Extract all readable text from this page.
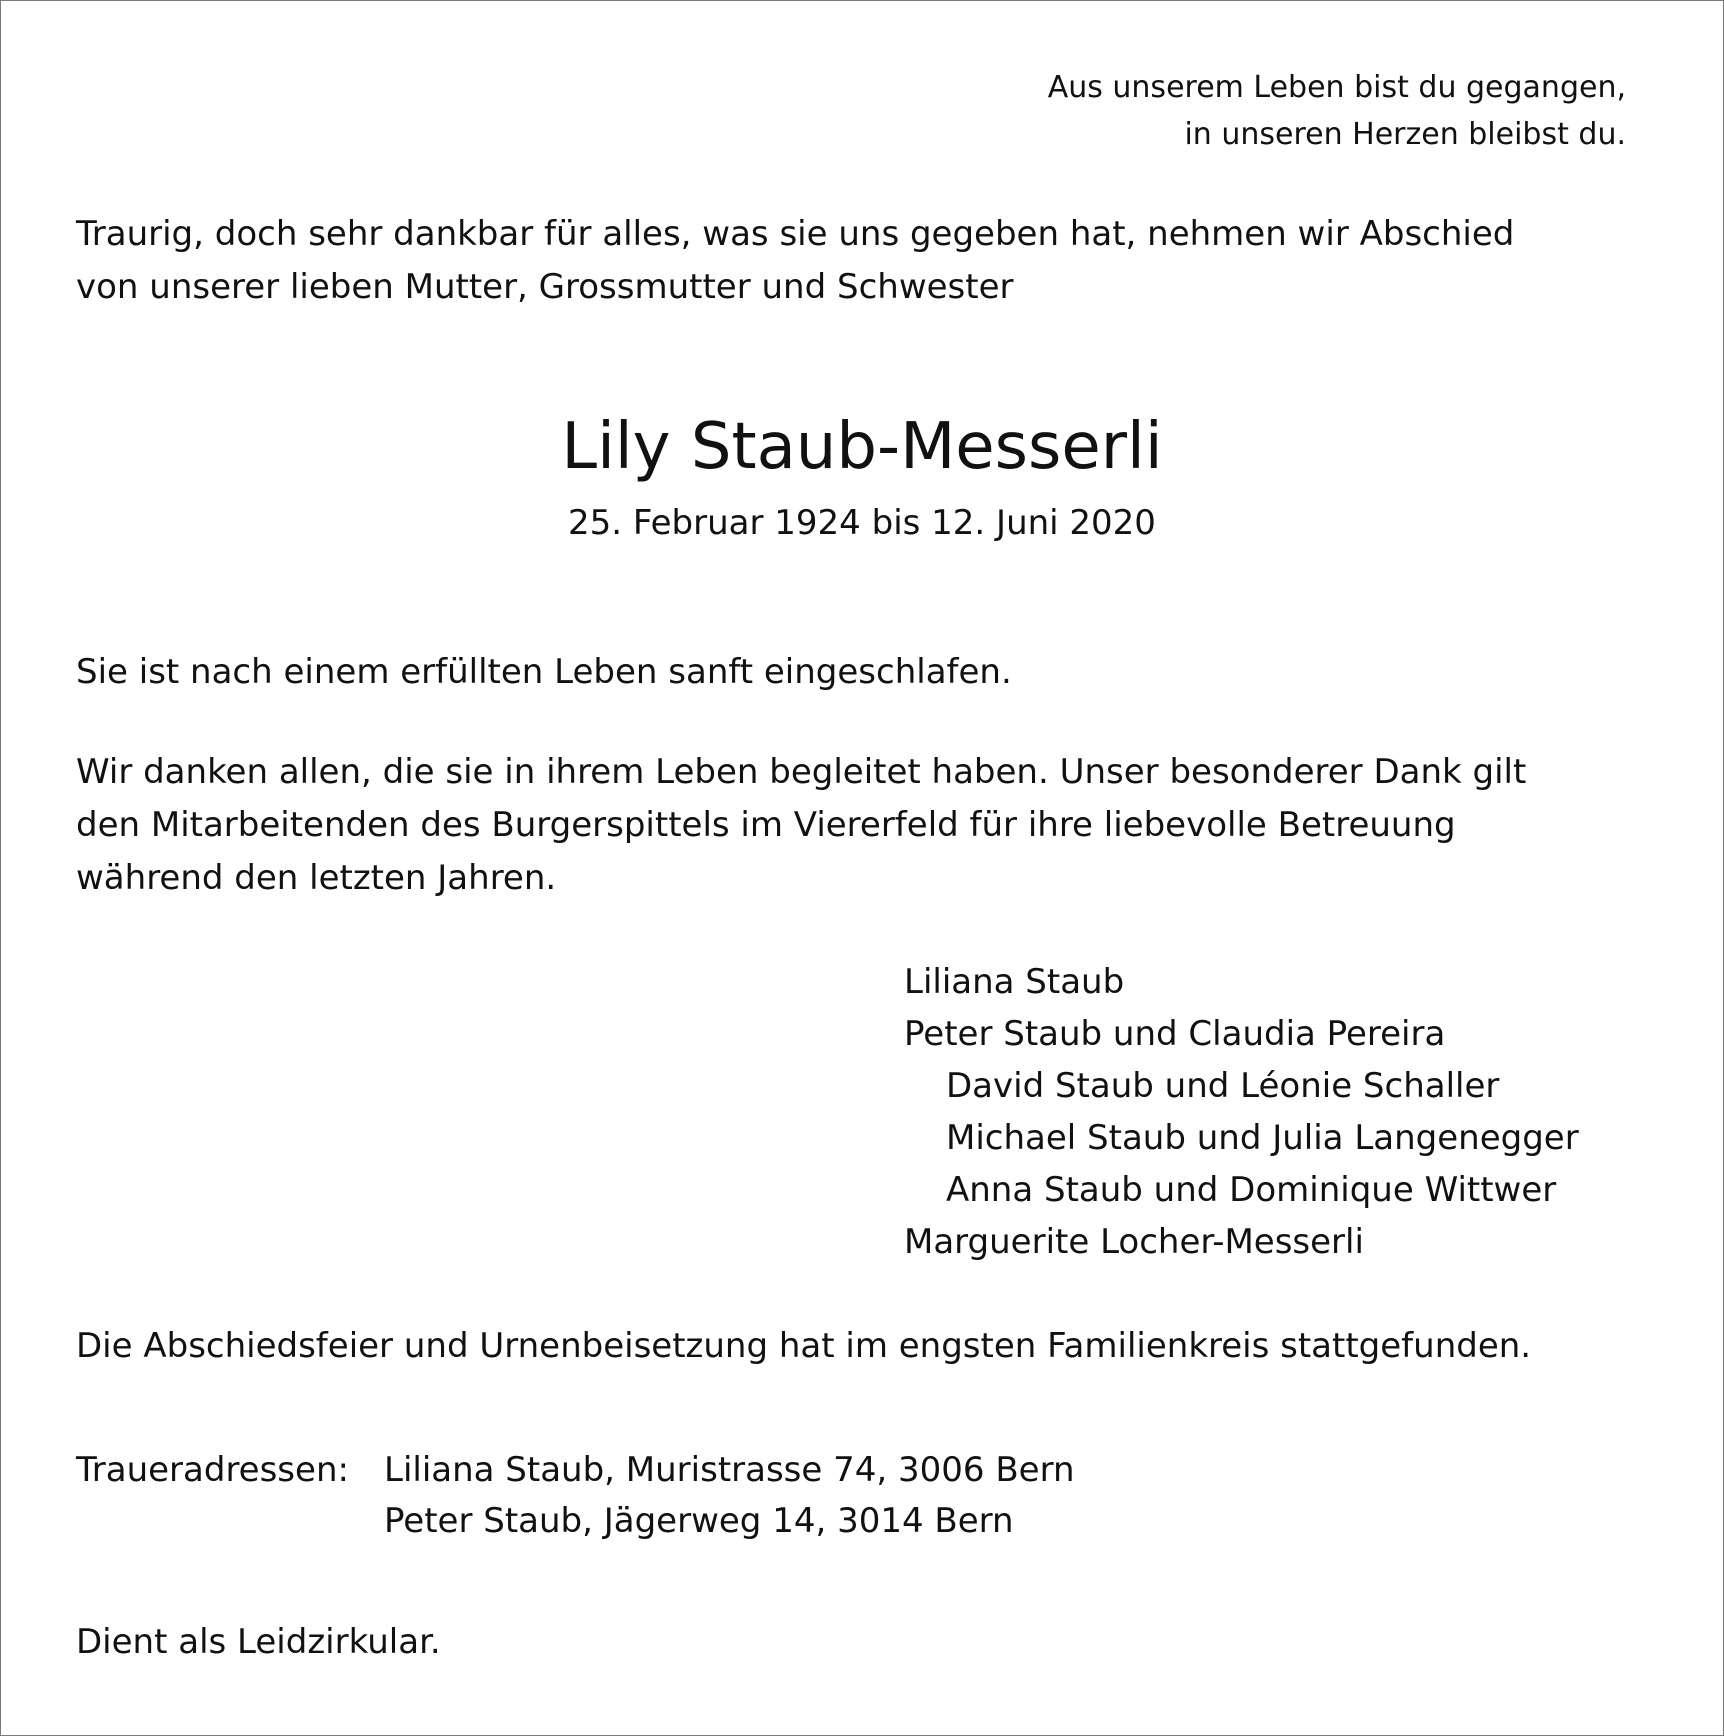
Aus unserem Leben bist du gegangen,
in unseren Herzen bleibst du.
Traurig, doch sehr dankbar für alles, was sie uns gegeben hat, nehmen wir Abschied
von unserer lieben Mutter, Grossmutter und Schwester
Lily Staub-Messerli
25. Februar 1924 bis 12. Juni 2020
Sie ist nach einem erfüllten Leben sanft eingeschlafen.
Wir danken allen, die sie in ihrem Leben begleitet haben. Unser besonderer Dank gilt
den Mitarbeitenden des Burgerspittels im Viererfeld für ihre liebevolle Betreuung
während den letzten Jahren.
Liliana Staub
Peter Staub und Claudia Pereira
David Staub und Léonie Schaller
Michael Staub und Julia Langenegger
Anna Staub und Dominique Wittwer
Marguerite Locher-Messerli
Die Abschiedsfeier und Urnenbeisetzung hat im engsten Familienkreis stattgefunden.
Traueradressen:	Liliana Staub, Muristrasse 74, 3006 Bern
Peter Staub, Jägerweg 14, 3014 Bern
Dient als Leidzirkular.
